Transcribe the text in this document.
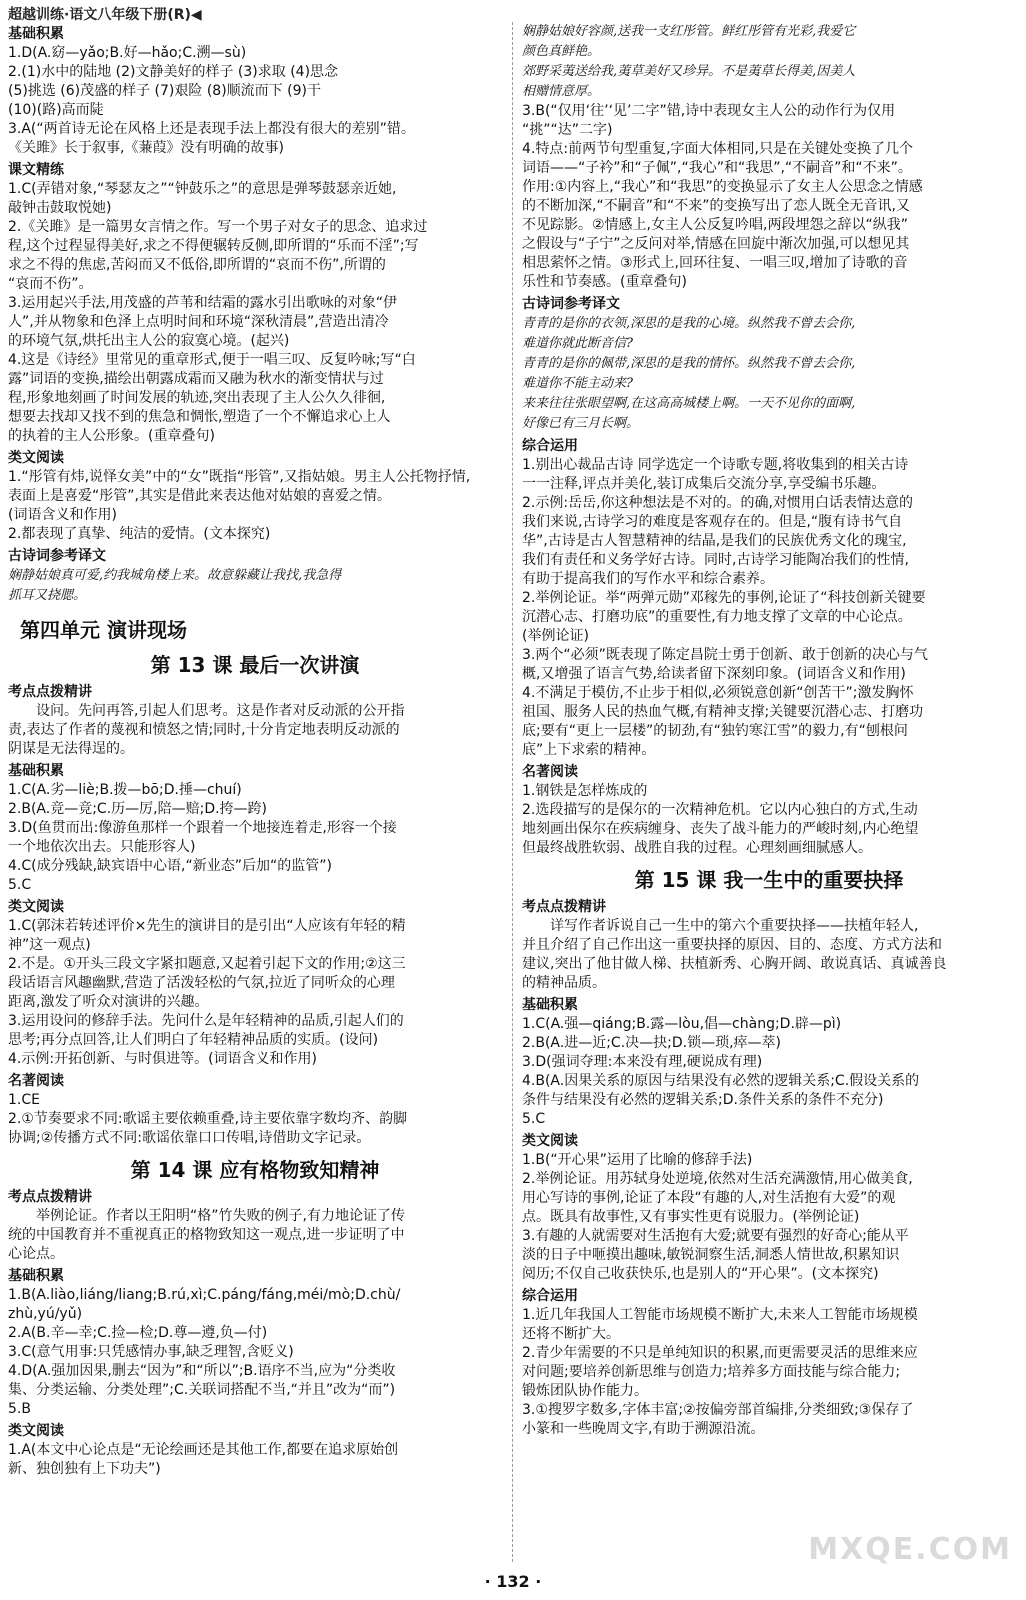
超越训练·语文八年级下册(R)◀
基础积累
1.D(A.窈—yǎo;B.好—hǎo;C.溯—sù)
2.(1)水中的陆地 (2)文静美好的样子 (3)求取 (4)思念
(5)挑选 (6)茂盛的样子 (7)艰险 (8)顺流而下 (9)干
(10)(路)高而陡
3.A(“两首诗无论在风格上还是表现手法上都没有很大的差别”错。
《关雎》长于叙事,《蒹葭》没有明确的故事)
课文精练
1.C(弄错对象,“琴瑟友之”“钟鼓乐之”的意思是弹琴鼓瑟亲近她,
敲钟击鼓取悦她)
2.《关雎》是一篇男女言情之作。写一个男子对女子的思念、追求过
程,这个过程显得美好,求之不得便辗转反侧,即所谓的“乐而不淫”;写
求之不得的焦虑,苦闷而又不低俗,即所谓的“哀而不伤”,所谓的
“哀而不伤”。
3.运用起兴手法,用茂盛的芦苇和结霜的露水引出歌咏的对象“伊
人”,并从物象和色泽上点明时间和环境“深秋清晨”,营造出清冷
的环境气氛,烘托出主人公的寂寞心境。(起兴)
4.这是《诗经》里常见的重章形式,便于一唱三叹、反复吟咏;写“白
露”词语的变换,描绘出朝露成霜而又融为秋水的渐变情状与过
程,形象地刻画了时间发展的轨迹,突出表现了主人公久久徘徊,
想要去找却又找不到的焦急和惆怅,塑造了一个不懈追求心上人
的执着的主人公形象。(重章叠句)
类文阅读
1.“彤管有炜,说怿女美”中的“女”既指“彤管”,又指姑娘。男主人公托物抒情,
表面上是喜爱“彤管”,其实是借此来表达他对姑娘的喜爱之情。
(词语含义和作用)
2.都表现了真挚、纯洁的爱情。(文本探究)
古诗词参考译文
娴静姑娘真可爱,约我城角楼上来。故意躲藏让我找,我急得
抓耳又挠腮。
第四单元 演讲现场
第 13 课 最后一次讲演
考点点拨精讲
设问。先问再答,引起人们思考。这是作者对反动派的公开指
责,表达了作者的蔑视和愤怒之情;同时,十分肯定地表明反动派的
阴谋是无法得逞的。
基础积累
1.C(A.劣—liè;B.拨—bō;D.捶—chuí)
2.B(A.竞—竞;C.历—厉,陪—赔;D.挎—跨)
3.D(鱼贯而出:像游鱼那样一个跟着一个地接连着走,形容一个接
一个地依次出去。只能形容人)
4.C(成分残缺,缺宾语中心语,“新业态”后加“的监管”)
5.C
类文阅读
1.C(郭沫若转述评价×先生的演讲目的是引出“人应该有年轻的精
神”这一观点)
2.不是。①开头三段文字紧扣题意,又起着引起下文的作用;②这三
段话语言风趣幽默,营造了活泼轻松的气氛,拉近了同听众的心理
距离,激发了听众对演讲的兴趣。
3.运用设问的修辞手法。先问什么是年轻精神的品质,引起人们的
思考;再分点回答,让人们明白了年轻精神品质的实质。(设问)
4.示例:开拓创新、与时俱进等。(词语含义和作用)
名著阅读
1.CE
2.①节奏要求不同:歌谣主要依赖重叠,诗主要依靠字数均齐、韵脚
协调;②传播方式不同:歌谣依靠口口传唱,诗借助文字记录。
第 14 课 应有格物致知精神
考点点拨精讲
举例论证。作者以王阳明“格”竹失败的例子,有力地论证了传
统的中国教育并不重视真正的格物致知这一观点,进一步证明了中
心论点。
基础积累
1.B(A.liào,liáng/liang;B.rú,xì;C.páng/fáng,méi/mò;D.chù/
zhù,yú/yǔ)
2.A(B.辛—幸;C.捡—检;D.尊—遵,负—付)
3.C(意气用事:只凭感情办事,缺乏理智,含贬义)
4.D(A.强加因果,删去“因为”和“所以”;B.语序不当,应为“分类收
集、分类运输、分类处理”;C.关联词搭配不当,“并且”改为“而”)
5.B
类文阅读
1.A(本文中心论点是“无论绘画还是其他工作,都要在追求原始创
新、独创独有上下功夫”)
娴静姑娘好容颜,送我一支红彤管。鲜红彤管有光彩,我爱它
颜色真鲜艳。
郊野采荑送给我,荑草美好又珍异。不是荑草长得美,因美人
相赠情意厚。
3.B(“仅用‘往’‘见’二字”错,诗中表现女主人公的动作行为仅用
“挑”“达”二字)
4.特点:前两节句型重复,字面大体相同,只是在关键处变换了几个
词语——“子衿”和“子佩”,“我心”和“我思”,“不嗣音”和“不来”。
作用:①内容上,“我心”和“我思”的变换显示了女主人公思念之情感
的不断加深,“不嗣音”和“不来”的变换写出了恋人既全无音讯,又
不见踪影。②情感上,女主人公反复吟唱,两段埋怨之辞以“纵我”
之假设与“子宁”之反问对举,情感在回旋中渐次加强,可以想见其
相思萦怀之情。③形式上,回环往复、一唱三叹,增加了诗歌的音
乐性和节奏感。(重章叠句)
古诗词参考译文
青青的是你的衣领,深思的是我的心境。纵然我不曾去会你,
难道你就此断音信?
青青的是你的佩带,深思的是我的情怀。纵然我不曾去会你,
难道你不能主动来?
来来往往张眼望啊,在这高高城楼上啊。一天不见你的面啊,
好像已有三月长啊。
综合运用
1.别出心裁品古诗 同学选定一个诗歌专题,将收集到的相关古诗
一一注释,评点并美化,装订成集后交流分享,享受编书乐趣。
2.示例:岳岳,你这种想法是不对的。的确,对惯用白话表情达意的
我们来说,古诗学习的难度是客观存在的。但是,“腹有诗书气自
华”,古诗是古人智慧精神的结晶,是我们的民族优秀文化的瑰宝,
我们有责任和义务学好古诗。同时,古诗学习能陶冶我们的性情,
有助于提高我们的写作水平和综合素养。
2.举例论证。举“两弹元勋”邓稼先的事例,论证了“科技创新关键要
沉潜心志、打磨功底”的重要性,有力地支撑了文章的中心论点。
(举例论证)
3.两个“必须”既表现了陈定昌院士勇于创新、敢于创新的决心与气
概,又增强了语言气势,给读者留下深刻印象。(词语含义和作用)
4.不满足于模仿,不止步于相似,必须锐意创新“创苦干”;激发胸怀
祖国、服务人民的热血气概,有精神支撑;关键要沉潜心志、打磨功
底;要有“更上一层楼”的韧劲,有“独钓寒江雪”的毅力,有“刨根问
底”上下求索的精神。
名著阅读
1.钢铁是怎样炼成的
2.选段描写的是保尔的一次精神危机。它以内心独白的方式,生动
地刻画出保尔在疾病缠身、丧失了战斗能力的严峻时刻,内心绝望
但最终战胜软弱、战胜自我的过程。心理刻画细腻感人。
第 15 课 我一生中的重要抉择
考点点拨精讲
详写作者诉说自己一生中的第六个重要抉择——扶植年轻人,
并且介绍了自己作出这一重要抉择的原因、目的、态度、方式方法和
建议,突出了他甘做人梯、扶植新秀、心胸开阔、敢说真话、真诚善良
的精神品质。
基础积累
1.C(A.强—qiáng;B.露—lòu,倡—chàng;D.辟—pì)
2.B(A.进—近;C.决—抉;D.锁—琐,瘁—萃)
3.D(强词夺理:本来没有理,硬说成有理)
4.B(A.因果关系的原因与结果没有必然的逻辑关系;C.假设关系的
条件与结果没有必然的逻辑关系;D.条件关系的条件不充分)
5.C
类文阅读
1.B(“开心果”运用了比喻的修辞手法)
2.举例论证。用苏轼身处逆境,依然对生活充满激情,用心做美食,
用心写诗的事例,论证了本段“有趣的人,对生活抱有大爱”的观
点。既具有故事性,又有事实性更有说服力。(举例论证)
3.有趣的人就需要对生活抱有大爱;就要有强烈的好奇心;能从平
淡的日子中咂摸出趣味,敏锐洞察生活,洞悉人情世故,积累知识
阅历;不仅自己收获快乐,也是别人的“开心果”。(文本探究)
综合运用
1.近几年我国人工智能市场规模不断扩大,未来人工智能市场规模
还将不断扩大。
2.青少年需要的不只是单纯知识的积累,而更需要灵活的思维来应
对问题;要培养创新思维与创造力;培养多方面技能与综合能力;
锻炼团队协作能力。
3.①搜罗字数多,字体丰富;②按偏旁部首编排,分类细致;③保存了
小篆和一些晚周文字,有助于溯源沿流。
MXQE.COM
· 132 ·
